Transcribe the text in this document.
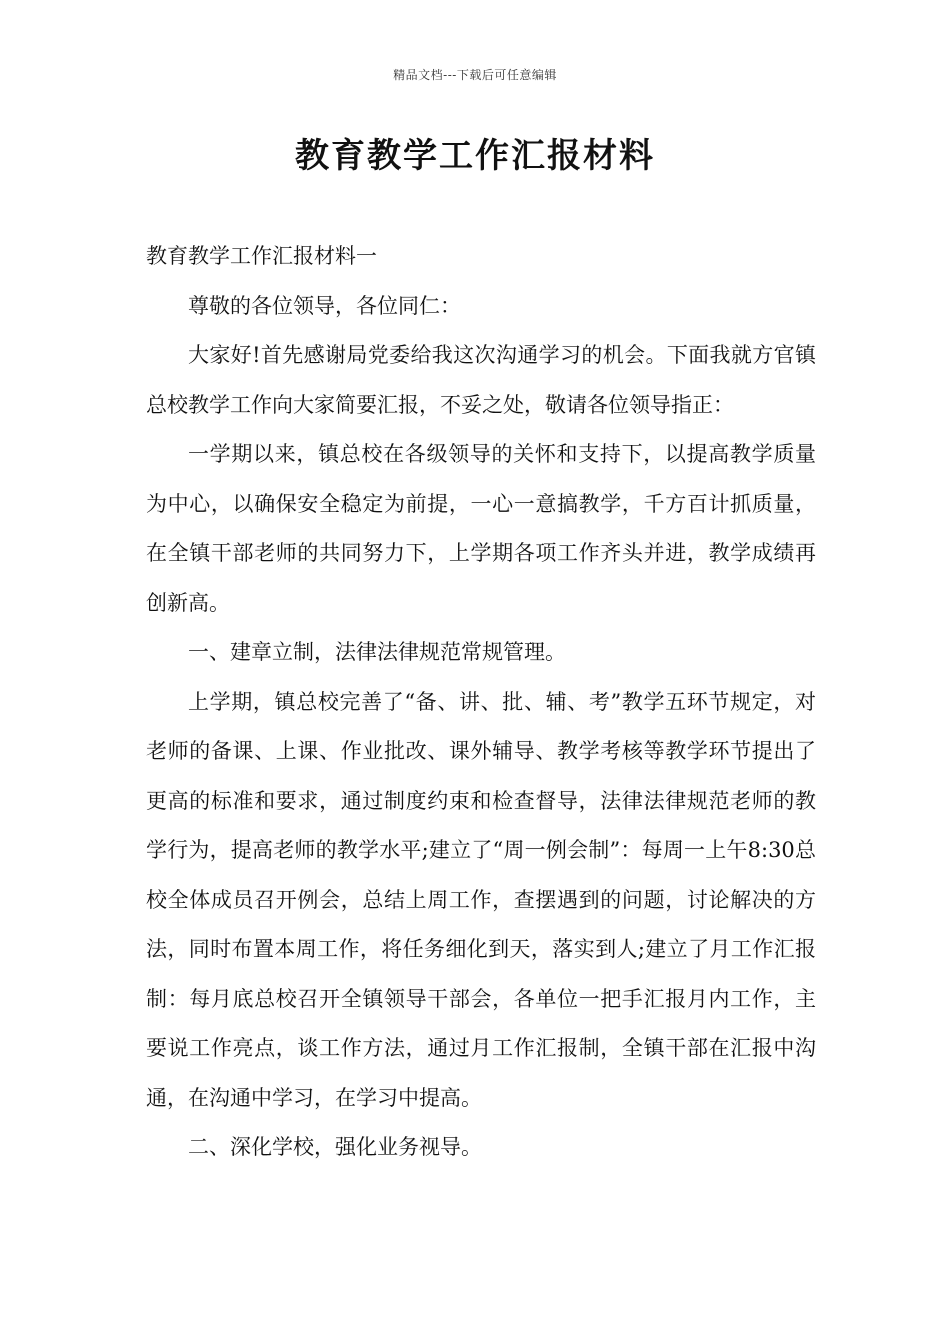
精品文档---下载后可任意编辑
教育教学工作汇报材料

教育教学工作汇报材料一

尊敬的各位领导，各位同仁：

大家好!首先感谢局党委给我这次沟通学习的机会。下面我就方官镇总校教学工作向大家简要汇报，不妥之处，敬请各位领导指正：

一学期以来，镇总校在各级领导的关怀和支持下，以提高教学质量为中心，以确保安全稳定为前提，一心一意搞教学，千方百计抓质量，在全镇干部老师的共同努力下，上学期各项工作齐头并进，教学成绩再创新高。

一、建章立制，法律法律规范常规管理。

上学期，镇总校完善了“备、讲、批、辅、考”教学五环节规定，对老师的备课、上课、作业批改、课外辅导、教学考核等教学环节提出了更高的标准和要求，通过制度约束和检查督导，法律法律规范老师的教学行为，提高老师的教学水平;建立了“周一例会制”：每周一上午8:30总校全体成员召开例会，总结上周工作，查摆遇到的问题，讨论解决的方法，同时布置本周工作，将任务细化到天，落实到人;建立了月工作汇报制：每月底总校召开全镇领导干部会，各单位一把手汇报月内工作，主要说工作亮点，谈工作方法，通过月工作汇报制，全镇干部在汇报中沟通，在沟通中学习，在学习中提高。

二、深化学校，强化业务视导。
